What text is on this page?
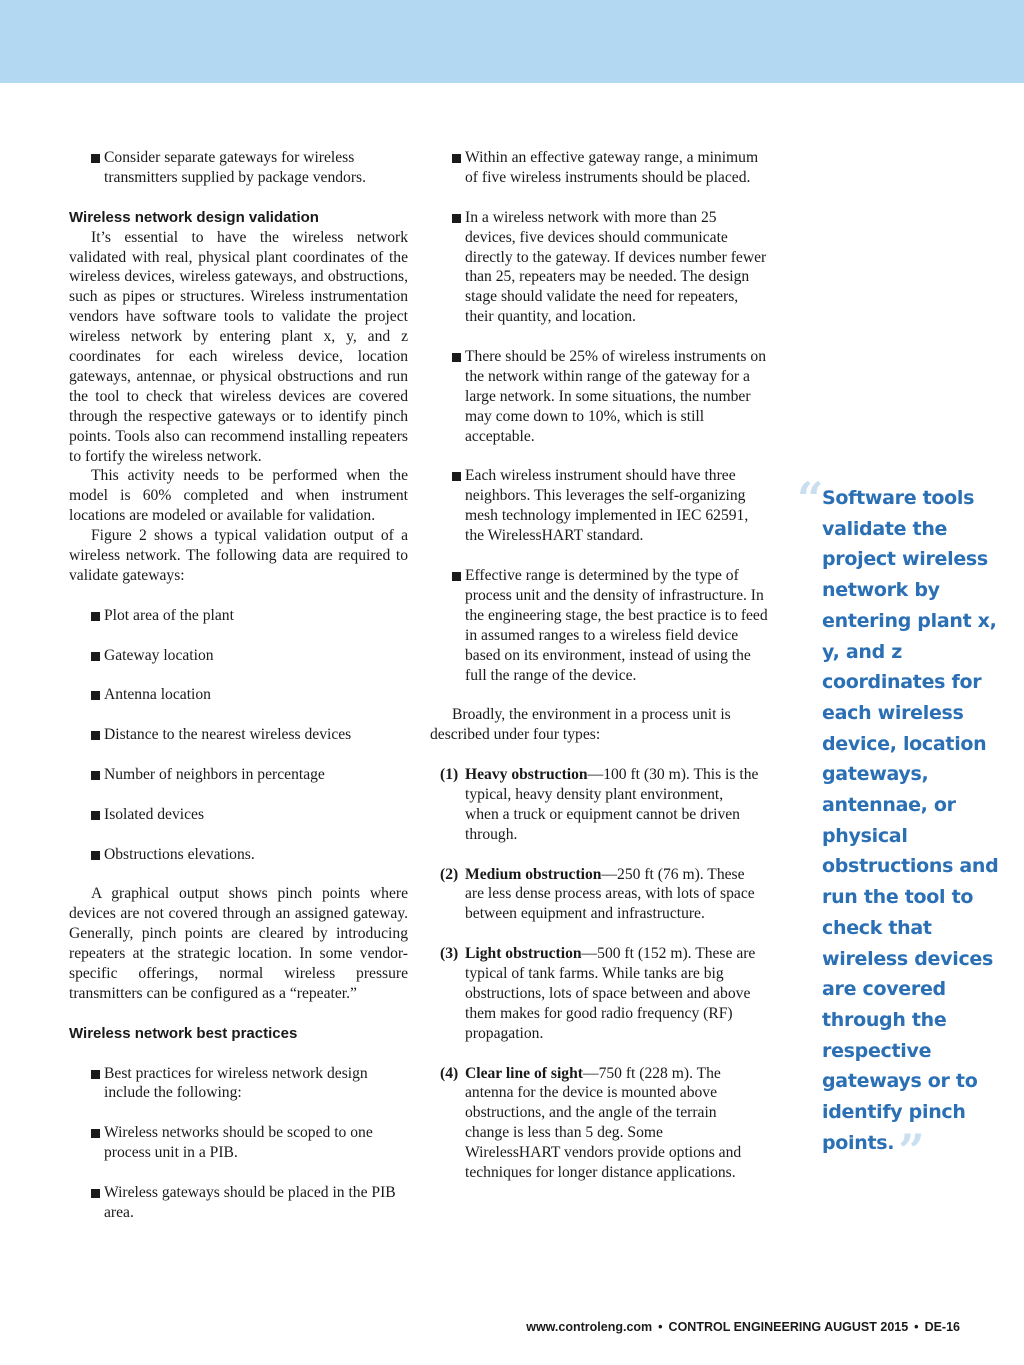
Consider separate gateways for wireless transmitters supplied by package vendors.

Wireless network design validation

It’s essential to have the wireless network validated with real, physical plant coordinates of the wireless devices, wireless gateways, and obstructions, such as pipes or structures. Wireless instrumentation vendors have software tools to validate the project wireless network by entering plant x, y, and z coordinates for each wireless device, location gateways, antennae, or physical obstructions and run the tool to check that wireless devices are covered through the respective gateways or to identify pinch points. Tools also can recommend installing repeaters to fortify the wireless network.

This activity needs to be performed when the model is 60% completed and when instrument locations are modeled or available for validation.

Figure 2 shows a typical validation output of a wireless network. The following data are required to validate gateways:

Plot area of the plant
Gateway location
Antenna location
Distance to the nearest wireless devices
Number of neighbors in percentage
Isolated devices
Obstructions elevations.

A graphical output shows pinch points where devices are not covered through an assigned gateway. Generally, pinch points are cleared by introducing repeaters at the strategic location. In some vendor-specific offerings, normal wireless pressure transmitters can be configured as a “repeater.”

Wireless network best practices

Best practices for wireless network design include the following:
Wireless networks should be scoped to one process unit in a PIB.
Wireless gateways should be placed in the PIB area.
Within an effective gateway range, a minimum of five wireless instruments should be placed.
In a wireless network with more than 25 devices, five devices should communicate directly to the gateway. If devices number fewer than 25, repeaters may be needed. The design stage should validate the need for repeaters, their quantity, and location.
There should be 25% of wireless instruments on the network within range of the gateway for a large network. In some situations, the number may come down to 10%, which is still acceptable.
Each wireless instrument should have three neighbors. This leverages the self-organizing mesh technology implemented in IEC 62591, the WirelessHART standard.
Effective range is determined by the type of process unit and the density of infrastructure. In the engineering stage, the best practice is to feed in assumed ranges to a wireless field device based on its environment, instead of using the full the range of the device.

Broadly, the environment in a process unit is described under four types:

(1) Heavy obstruction—100 ft (30 m). This is the typical, heavy density plant environment, when a truck or equipment cannot be driven through.
(2) Medium obstruction—250 ft (76 m). These are less dense process areas, with lots of space between equipment and infrastructure.
(3) Light obstruction—500 ft (152 m). These are typical of tank farms. While tanks are big obstructions, lots of space between and above them makes for good radio frequency (RF) propagation.
(4) Clear line of sight—750 ft (228 m). The antenna for the device is mounted above obstructions, and the angle of the terrain change is less than 5 deg. Some WirelessHART vendors provide options and techniques for longer distance applications.
“
Software tools validate the project wireless network by entering plant x, y, and z coordinates for each wireless device, location gateways, antennae, or physical obstructions and run the tool to check that wireless devices are covered through the respective gateways or to identify pinch points.”
www.controleng.com • CONTROL ENGINEERING AUGUST 2015 • DE-16
